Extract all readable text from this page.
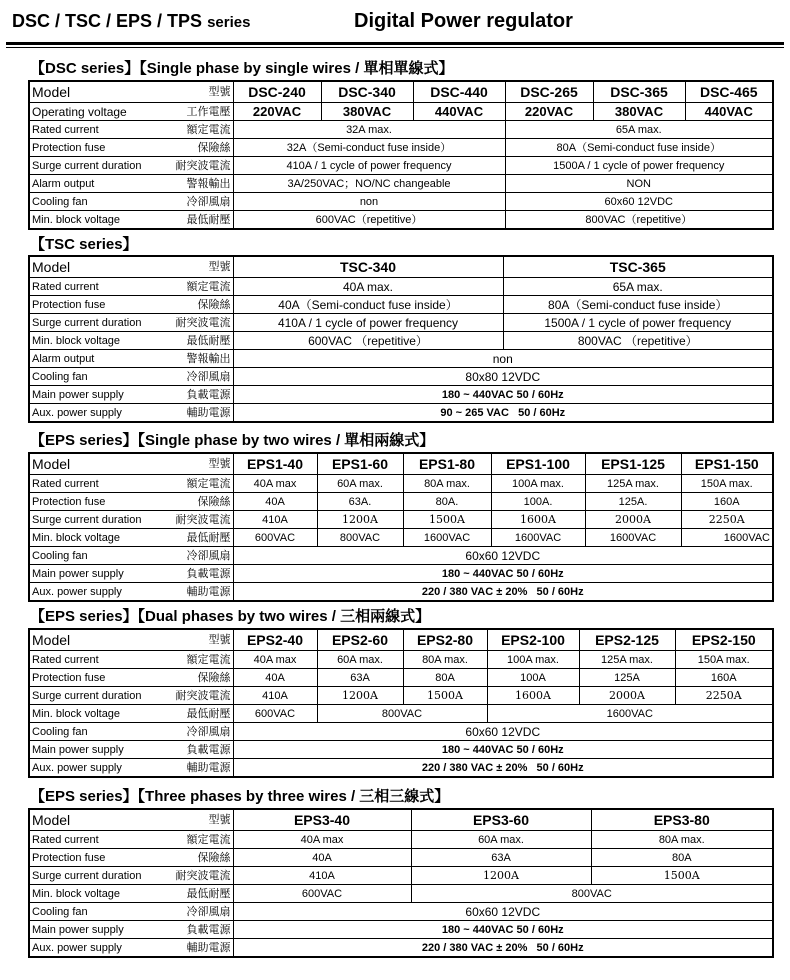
DSC / TSC / EPS / TPS series	Digital Power regulator
【DSC series】【Single phase by single wires / 單相單線式】
Model	型號	DSC-240	DSC-340	DSC-440	DSC-265	DSC-365	DSC-465
Operating voltage	工作電壓	220VAC	380VAC	440VAC	220VAC	380VAC	440VAC
Rated current	額定電流	32A max.			65A max.		
Protection fuse	保險絲	32A（Semi-conduct fuse inside）			80A（Semi-conduct fuse inside）		
Surge current duration	耐突波電流	410A / 1 cycle of power frequency			1500A / 1 cycle of power frequency		
Alarm output	警報輸出	3A/250VAC；NO/NC changeable			NON		
Cooling fan	冷卻風扇	non			60x60 12VDC		
Min. block voltage	最低耐壓	600VAC（repetitive）			800VAC（repetitive）		
【TSC series】
Model	型號	TSC-340	TSC-365
Rated current	額定電流	40A max.	65A max.
Protection fuse	保險絲	40A（Semi-conduct fuse inside）	80A（Semi-conduct fuse inside）
Surge current duration	耐突波電流	410A / 1 cycle of power frequency	1500A / 1 cycle of power frequency
Min. block voltage	最低耐壓	600VAC （repetitive）	800VAC （repetitive）
Alarm output	警報輸出	non	
Cooling fan	冷卻風扇	80x80 12VDC	
Main power supply	負載電源	180 ~ 440VAC 50 / 60Hz	
Aux. power supply	輔助電源	90 ~ 265 VAC   50 / 60Hz	
【EPS series】【Single phase by two wires / 單相兩線式】
Model	型號	EPS1-40	EPS1-60	EPS1-80	EPS1-100	EPS1-125	EPS1-150
Rated current	額定電流	40A max	60A max.	80A max.	100A max.	125A max.	150A max.
Protection fuse	保險絲	40A	63A.	80A.	100A.	125A.	160A
Surge current duration	耐突波電流	410A	1200A	1500A	1600A	2000A	2250A
Min. block voltage	最低耐壓	600VAC	800VAC	1600VAC	1600VAC	1600VAC	1600VAC
Cooling fan	冷卻風扇	60x60 12VDC					
Main power supply	負載電源	180 ~ 440VAC 50 / 60Hz					
Aux. power supply	輔助電源	220 / 380 VAC ± 20%   50 / 60Hz					
【EPS series】【Dual phases by two wires / 三相兩線式】
Model	型號	EPS2-40	EPS2-60	EPS2-80	EPS2-100	EPS2-125	EPS2-150
Rated current	額定電流	40A max	60A max.	80A max.	100A max.	125A max.	150A max.
Protection fuse	保險絲	40A	63A	80A	100A	125A	160A
Surge current duration	耐突波電流	410A	1200A	1500A	1600A	2000A	2250A
Min. block voltage	最低耐壓	600VAC	800VAC		1600VAC		
Cooling fan	冷卻風扇	60x60 12VDC					
Main power supply	負載電源	180 ~ 440VAC 50 / 60Hz					
Aux. power supply	輔助電源	220 / 380 VAC ± 20%   50 / 60Hz					
【EPS series】【Three phases by three wires / 三相三線式】
Model	型號	EPS3-40	EPS3-60	EPS3-80
Rated current	額定電流	40A max	60A max.	80A max.
Protection fuse	保險絲	40A	63A	80A
Surge current duration	耐突波電流	410A	1200A	1500A
Min. block voltage	最低耐壓	600VAC	800VAC	
Cooling fan	冷卻風扇	60x60 12VDC		
Main power supply	負載電源	180 ~ 440VAC 50 / 60Hz		
Aux. power supply	輔助電源	220 / 380 VAC ± 20%   50 / 60Hz		
